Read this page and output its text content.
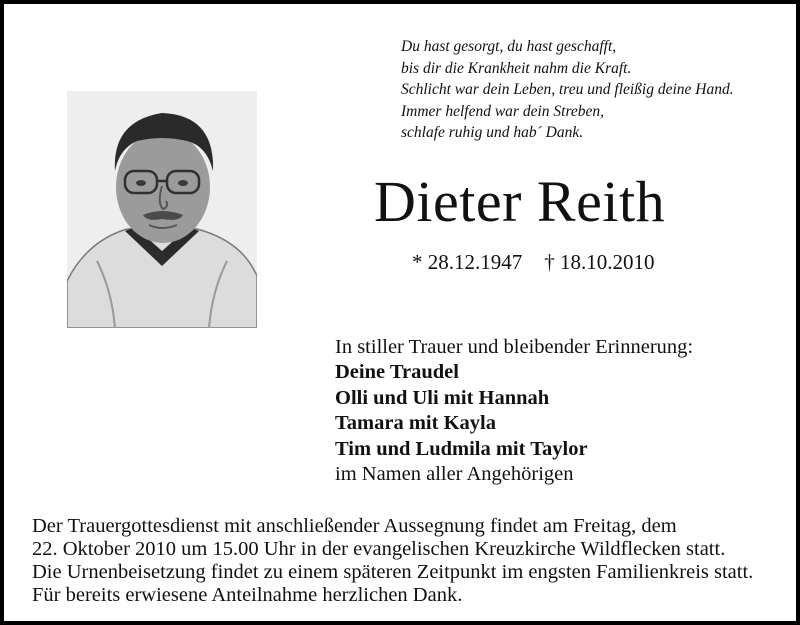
Du hast gesorgt, du hast geschafft,
bis dir die Krankheit nahm die Kraft.
Schlicht war dein Leben, treu und fleißig deine Hand.
Immer helfend war dein Streben,
schlafe ruhig und hab´ Dank.
Dieter Reith
* 28.12.1947 † 18.10.2010
In stiller Trauer und bleibender Erinnerung:
Deine Traudel
Olli und Uli mit Hannah
Tamara mit Kayla
Tim und Ludmila mit Taylor
im Namen aller Angehörigen
Der Trauergottesdienst mit anschließender Aussegnung findet am Freitag, dem
22. Oktober 2010 um 15.00 Uhr in der evangelischen Kreuzkirche Wildflecken statt.
Die Urnenbeisetzung findet zu einem späteren Zeitpunkt im engsten Familienkreis statt.
Für bereits erwiesene Anteilnahme herzlichen Dank.
